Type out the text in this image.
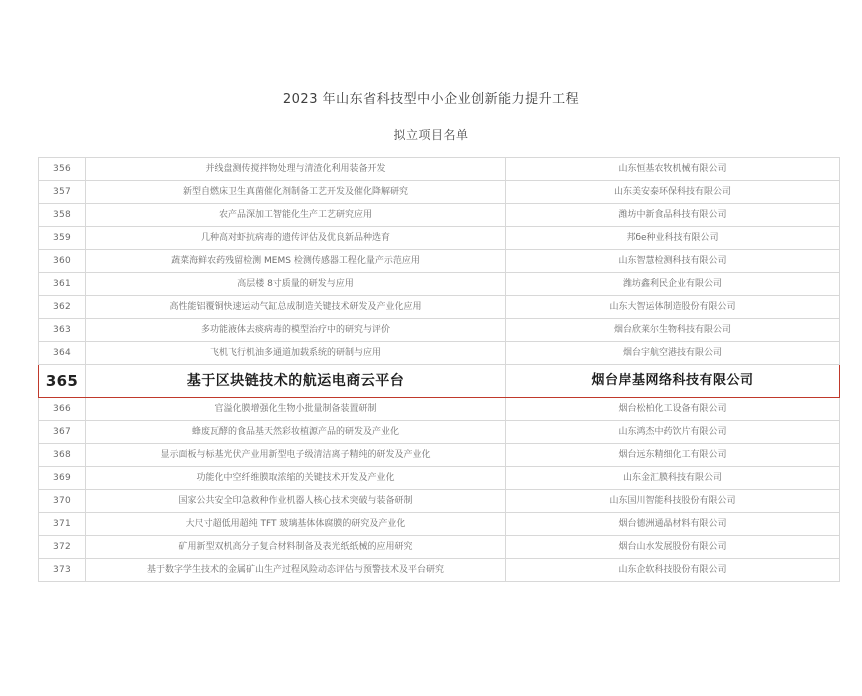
2023 年山东省科技型中小企业创新能力提升工程
拟立项目名单
356	并线盘测传搅拌物处理与清渣化利用装备开发	山东恒基农牧机械有限公司
357	新型自燃床卫生真菌催化剂制备工艺开发及催化降解研究	山东美安泰环保科技有限公司
358	农产品深加工智能化生产工艺研究应用	潍坊中新食品科技有限公司
359	几种高对虾抗病毒的遗传评估及优良新品种选育	邦бе种业科技有限公司
360	蔬菜海鲜农药残留检测 MEMS 检测传感器工程化量产示范应用	山东智慧检测科技有限公司
361	高层楼 8寸质量的研发与应用	潍坊鑫利民企业有限公司
362	高性能铝覆铜快速运动气缸总成制造关键技术研发及产业化应用	山东大智运体制造股份有限公司
363	多功能液体去痰病毒的模型治疗中的研究与评价	烟台欣莱尔生物科技有限公司
364	飞机飞行机油多通道加载系统的研制与应用	烟台宇航空港技有限公司
365	基于区块链技术的航运电商云平台	烟台岸基网络科技有限公司
366	官溢化膜增强化生物小批量制备装置研制	烟台松柏化工设备有限公司
367	蜂废瓦酵的食品基天然彩妆植源产品的研发及产业化	山东鸿杰中药饮片有限公司
368	显示面板与标基光伏产业用新型电子级清洁离子精纯的研发及产业化	烟台远东精细化工有限公司
369	功能化中空纤维膜取浓缩的关键技术开发及产业化	山东金汇膜科技有限公司
370	国家公共安全印急救种作业机器人核心技术突破与装备研制	山东国川智能科技股份有限公司
371	大尺寸超低用超纯 TFT 玻璃基体体腐膜的研究及产业化	烟台德洲通晶材料有限公司
372	矿用新型双机高分子复合材料制备及表光纸纸械的应用研究	烟台山水发展股份有限公司
373	基于数字学生技术的金属矿山生产过程风险动态评估与预警技术及平台研究	山东企软科技股份有限公司
